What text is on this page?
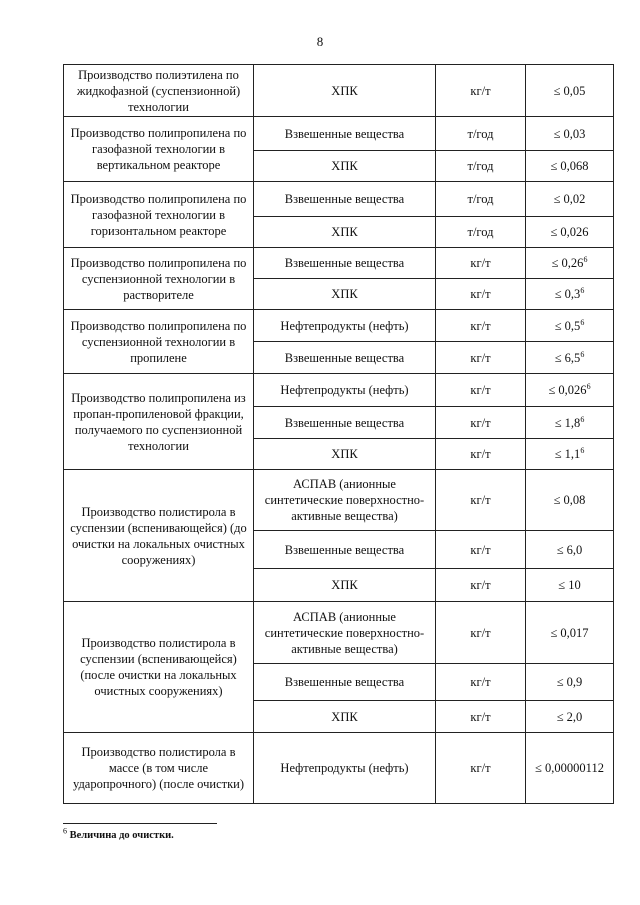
8
Производство полиэтилена по жидкофазной (суспензионной) технологии	ХПК	кг/т	≤ 0,05
Производство полипропилена по газофазной технологии в вертикальном реакторе	Взвешенные вещества	т/год	≤ 0,03
	ХПК	т/год	≤ 0,068
Производство полипропилена по газофазной технологии в горизонтальном реакторе	Взвешенные вещества	т/год	≤ 0,02
	ХПК	т/год	≤ 0,026
Производство полипропилена по суспензионной технологии в растворителе	Взвешенные вещества	кг/т	≤ $0,26^6$
	ХПК	кг/т	≤ $0,3^6$
Производство полипропилена по суспензионной технологии в пропилене	Нефтепродукты (нефть)	кг/т	≤ $0,5^6$
	Взвешенные вещества	кг/т	≤ $6,5^6$
Производство полипропилена из пропан-пропиленовой фракции, получаемого по суспензионной технологии	Нефтепродукты (нефть)	кг/т	≤ $0,026^6$
	Взвешенные вещества	кг/т	≤ $1,8^6$
	ХПК	кг/т	≤ $1,1^6$
Производство полистирола в суспензии (вспенивающейся) (до очистки на локальных очистных сооружениях)	АСПАВ (анионные синтетические поверхностно-активные вещества)	кг/т	≤ 0,08
	Взвешенные вещества	кг/т	≤ 6,0
	ХПК	кг/т	≤ 10
Производство полистирола в суспензии (вспенивающейся) (после очистки на локальных очистных сооружениях)	АСПАВ (анионные синтетические поверхностно-активные вещества)	кг/т	≤ 0,017
	Взвешенные вещества	кг/т	≤ 0,9
	ХПК	кг/т	≤ 2,0
Производство полистирола в массе (в том числе ударопрочного) (после очистки)	Нефтепродукты (нефть)	кг/т	≤ 0,00000112
$^6$ Величина до очистки.
